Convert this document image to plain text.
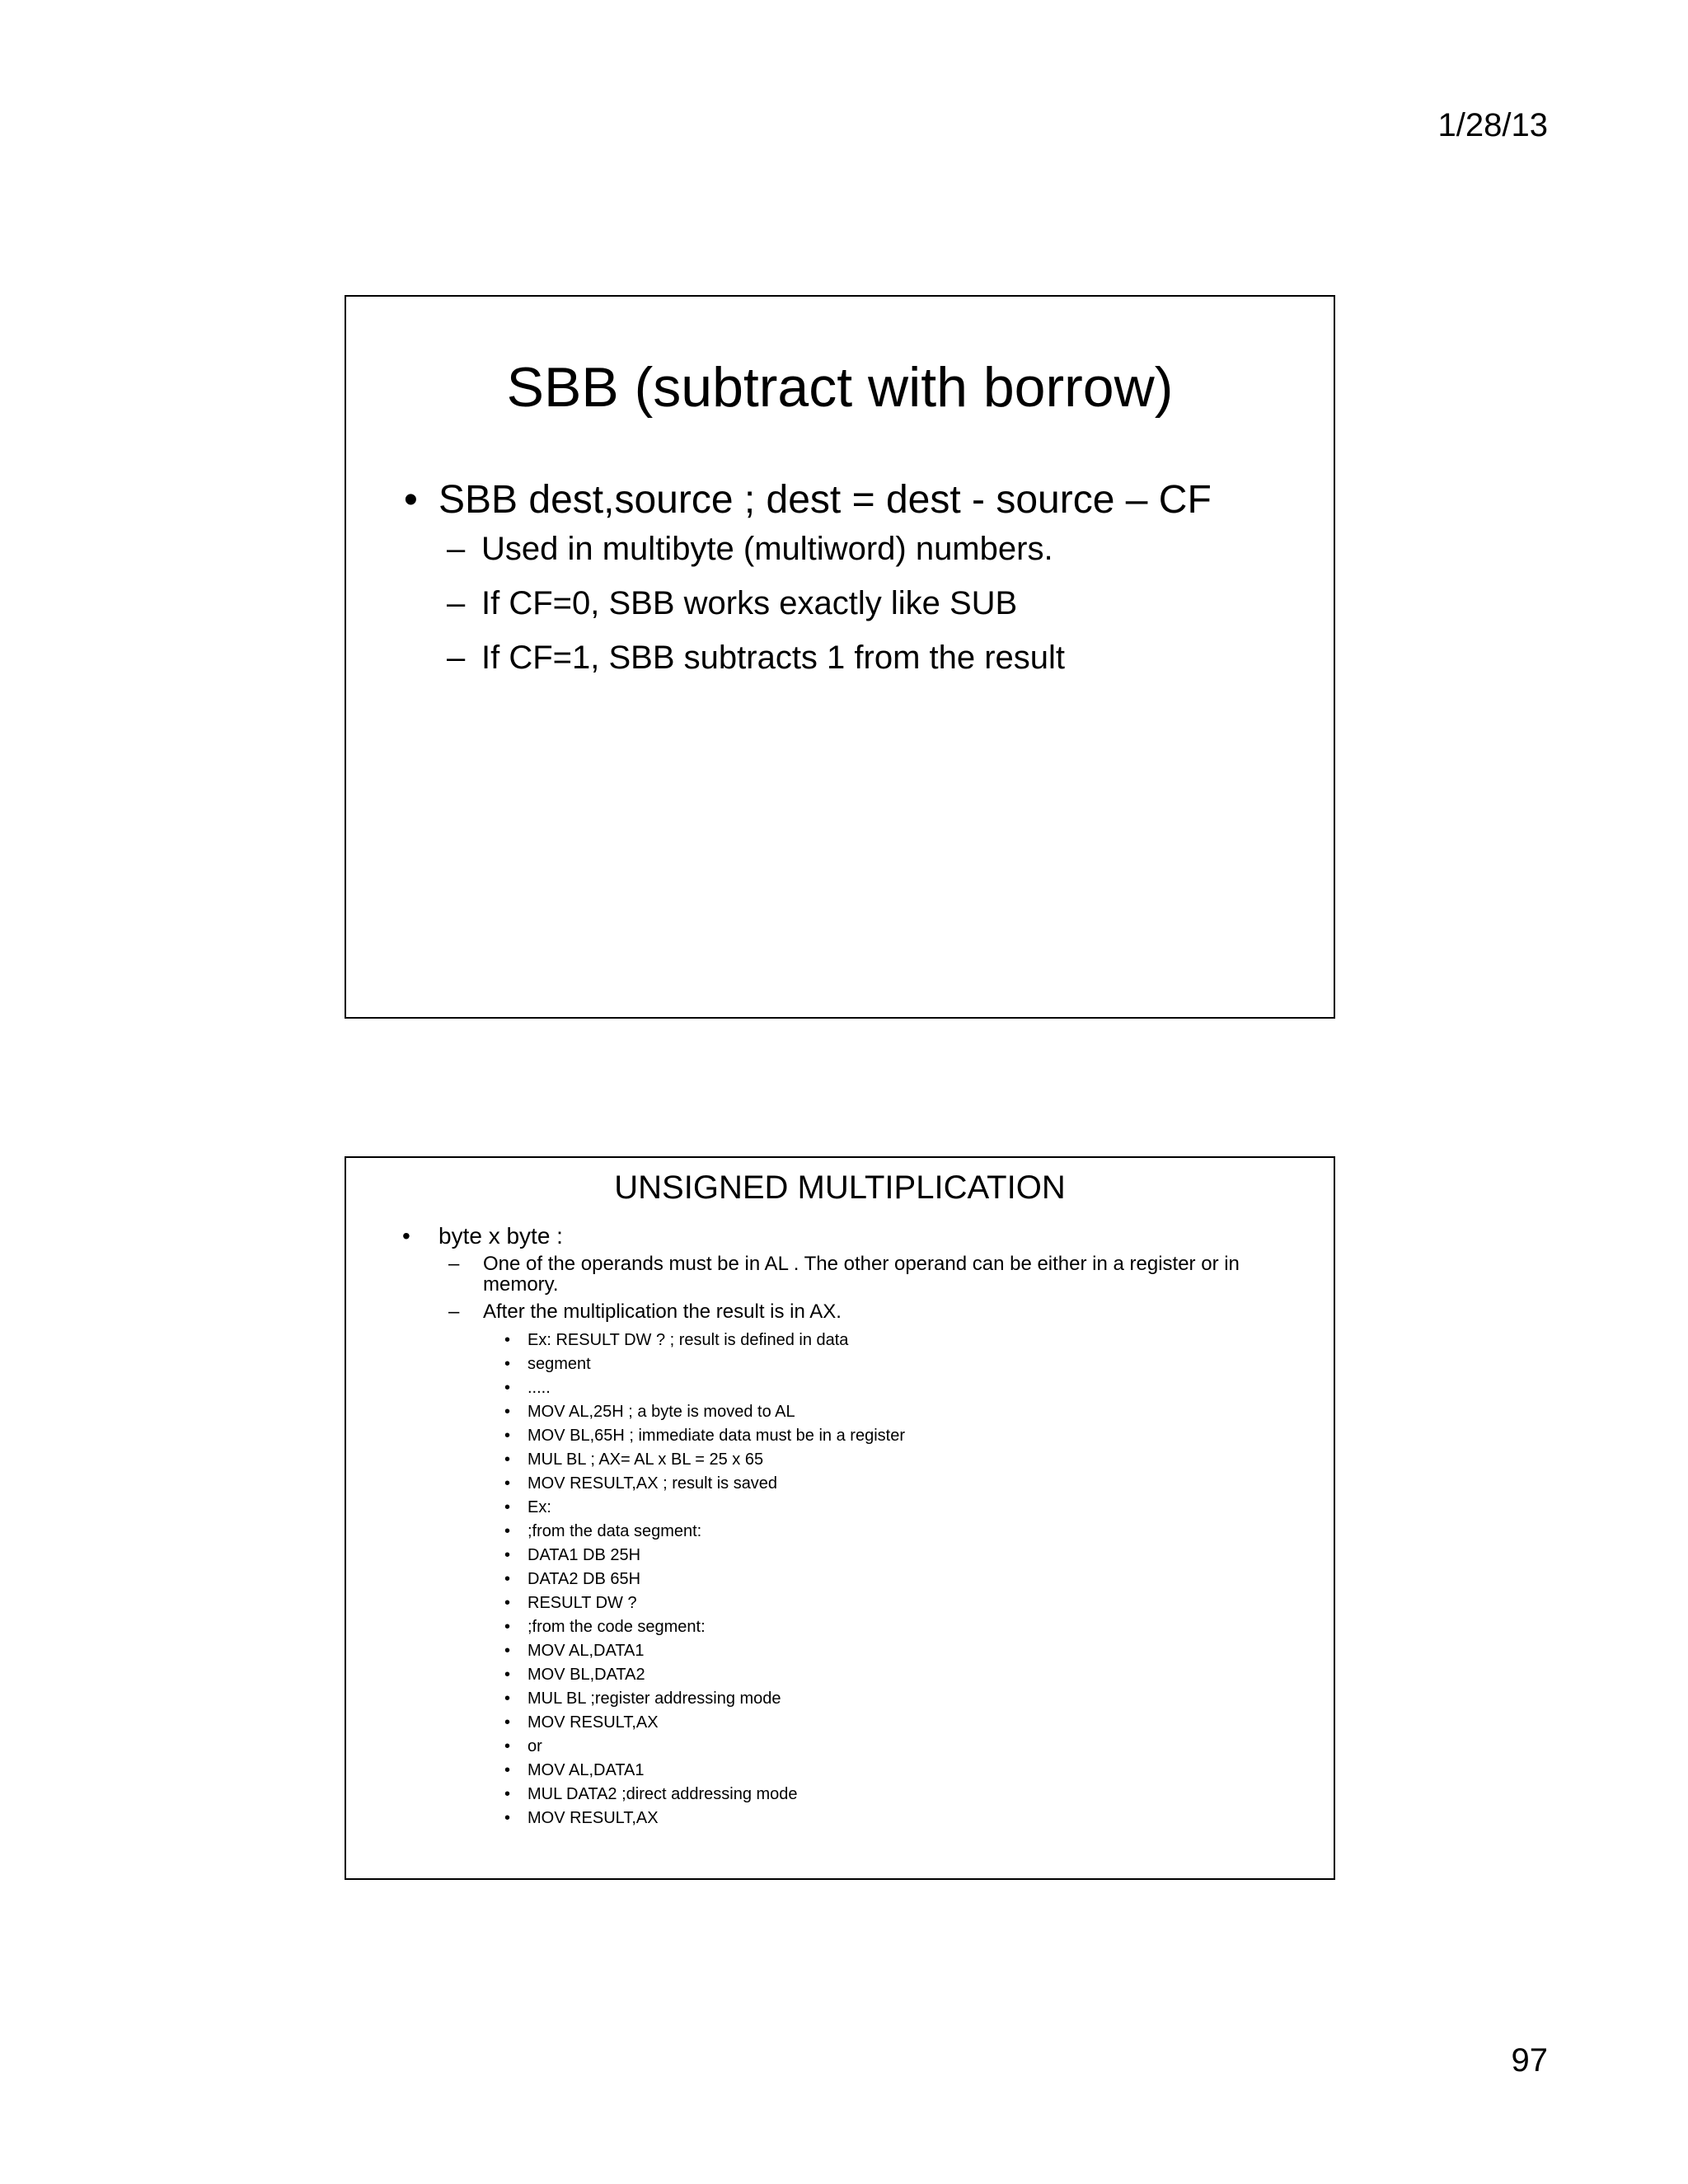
1/28/13
SBB (subtract with borrow)
• SBB dest,source ; dest = dest - source – CF
– Used in multibyte (multiword) numbers.
– If CF=0, SBB works exactly like SUB
– If CF=1, SBB subtracts 1 from the result
UNSIGNED MULTIPLICATION
• byte x byte :
– One of the operands must be in AL . The other operand can be either in a register or in memory.
– After the multiplication the result is in AX.
• Ex: RESULT DW ? ; result is defined in data
• segment
• .....
• MOV AL,25H ; a byte is moved to AL
• MOV BL,65H ; immediate data must be in a register
• MUL BL ; AX= AL x BL = 25 x 65
• MOV RESULT,AX ; result is saved
• Ex:
• ;from the data segment:
• DATA1 DB 25H
• DATA2 DB 65H
• RESULT DW ?
• ;from the code segment:
• MOV AL,DATA1
• MOV BL,DATA2
• MUL BL ;register addressing mode
• MOV RESULT,AX
• or
• MOV AL,DATA1
• MUL DATA2 ;direct addressing mode
• MOV RESULT,AX
97
